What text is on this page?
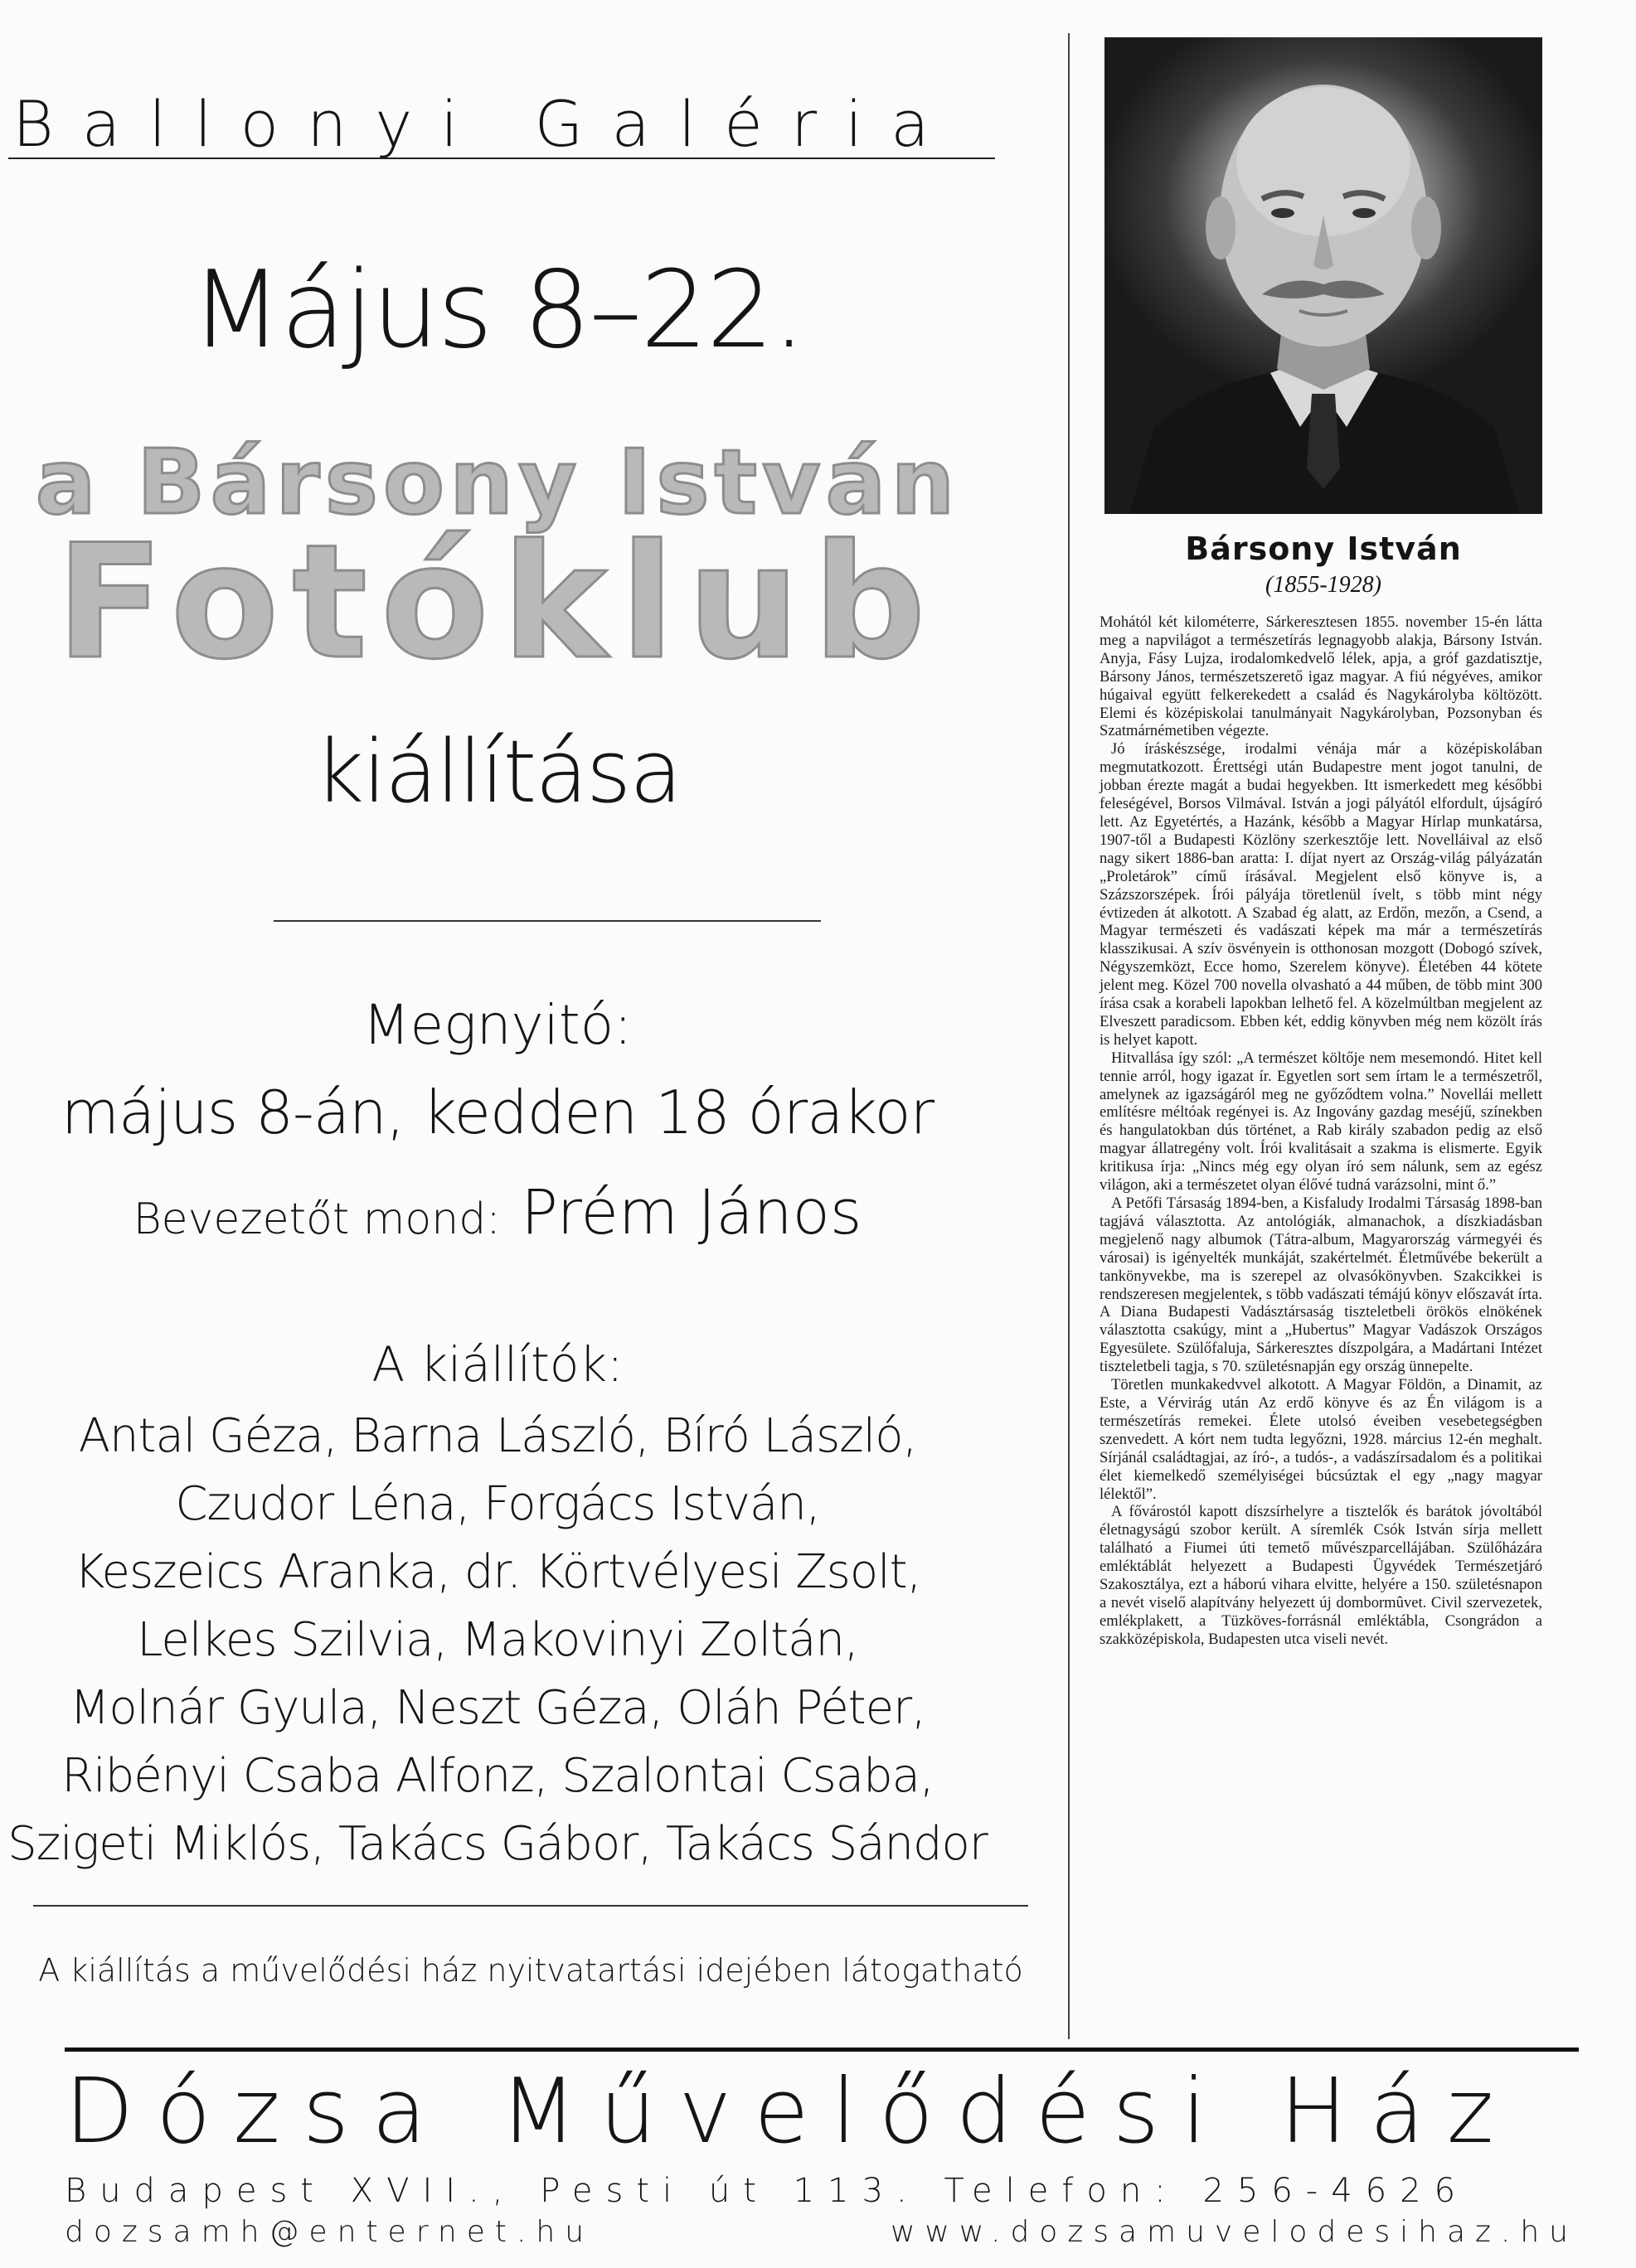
Ballonyi Galéria
Május 8–22.
a Bársony István
Fotóklub
kiállítása
Megnyitó:
május 8-án, kedden 18 órakor
Bevezetőt mond: Prém János
A kiállítók:
Antal Géza, Barna László, Bíró László,
Czudor Léna, Forgács István,
Keszeics Aranka, dr. Körtvélyesi Zsolt,
Lelkes Szilvia, Makovinyi Zoltán,
Molnár Gyula, Neszt Géza, Oláh Péter,
Ribényi Csaba Alfonz, Szalontai Csaba,
Szigeti Miklós, Takács Gábor, Takács Sándor
A kiállítás a művelődési ház nyitvatartási idejében látogatható
Bársony István
(1855-1928)

Mohától két kilométerre, Sárkeresztesen 1855. november 15-én látta meg a napvilágot a természetírás legnagyobb alakja, Bársony István. Anyja, Fásy Lujza, irodalomkedvelő lélek, apja, a gróf gazdatisztje, Bársony János, természetszerető igaz magyar. A fiú négyéves, amikor húgaival együtt felkerekedett a család és Nagykárolyba költözött. Elemi és középiskolai tanulmányait Nagykárolyban, Pozsonyban és Szatmárnémetiben végezte.

Jó íráskészsége, irodalmi vénája már a középiskolában megmutatkozott. Érettségi után Budapestre ment jogot tanulni, de jobban érezte magát a budai hegyekben. Itt ismerkedett meg későbbi feleségével, Borsos Vilmával. István a jogi pályától elfordult, újságíró lett. Az Egyetértés, a Hazánk, később a Magyar Hírlap munkatársa, 1907-től a Budapesti Közlöny szerkesztője lett. Novelláival az első nagy sikert 1886-ban aratta: I. díjat nyert az Ország-világ pályázatán „Proletárok” című írásával. Megjelent első könyve is, a Százszorszépek. Írói pályája töretlenül ívelt, s több mint négy évtizeden át alkotott. A Szabad ég alatt, az Erdőn, mezőn, a Csend, a Magyar természeti és vadászati képek ma már a természetírás klasszikusai. A szív ösvényein is otthonosan mozgott (Dobogó szívek, Négyszemközt, Ecce homo, Szerelem könyve). Életében 44 kötete jelent meg. Közel 700 novella olvasható a 44 műben, de több mint 300 írása csak a korabeli lapokban lelhető fel. A közelmúltban megjelent az Elveszett paradicsom. Ebben két, eddig könyvben még nem közölt írás is helyet kapott.

Hitvallása így szól: „A természet költője nem mesemondó. Hitet kell tennie arról, hogy igazat ír. Egyetlen sort sem írtam le a természetről, amelynek az igazságáról meg ne győződtem volna.” Novellái mellett említésre méltóak regényei is. Az Ingovány gazdag meséjű, színekben és hangulatokban dús történet, a Rab király szabadon pedig az első magyar állatregény volt. Írói kvalitásait a szakma is elismerte. Egyik kritikusa írja: „Nincs még egy olyan író sem nálunk, sem az egész világon, aki a természetet olyan élővé tudná varázsolni, mint ő.”

A Petőfi Társaság 1894-ben, a Kisfaludy Irodalmi Társaság 1898-ban tagjává választotta. Az antológiák, almanachok, a díszkiadásban megjelenő nagy albumok (Tátra-album, Magyarország vármegyéi és városai) is igényelték munkáját, szakértelmét. Életművébe bekerült a tankönyvekbe, ma is szerepel az olvasókönyvben. Szakcikkei is rendszeresen megjelentek, s több vadászati témájú könyv előszavát írta. A Diana Budapesti Vadásztársaság tiszteletbeli örökös elnökének választotta csakúgy, mint a „Hubertus” Magyar Vadászok Országos Egyesülete. Szülőfaluja, Sárkeresztes díszpolgára, a Madártani Intézet tiszteletbeli tagja, s 70. születésnapján egy ország ünnepelte.

Töretlen munkakedvvel alkotott. A Magyar Földön, a Dinamit, az Este, a Vérvirág után Az erdő könyve és az Én világom is a természetírás remekei. Élete utolsó éveiben vesebetegségben szenvedett. A kórt nem tudta legyőzni, 1928. március 12-én meghalt. Sírjánál családtagjai, az író-, a tudós-, a vadászírsadalom és a politikai élet kiemelkedő személyiségei búcsúztak el egy „nagy magyar lélektől”.

A fővárostól kapott díszsírhelyre a tisztelők és barátok jóvoltából életnagyságú szobor került. A síremlék Csók István sírja mellett található a Fiumei úti temető művészparcellájában. Szülőházára emléktáblát helyezett a Budapesti Ügyvédek Természetjáró Szakosztálya, ezt a háború vihara elvitte, helyére a 150. születésnapon a nevét viselő alapítvány helyezett új dombormûvet. Civil szervezetek, emlékplakett, a Tüzköves-forrásnál emléktábla, Csongrádon a szakközépiskola, Budapesten utca viseli nevét.

Dózsa Művelődési Ház
Budapest XVII., Pesti út 113. Telefon: 256-4626
dozsamh@enternet.hu	www.dozsamuvelodesihaz.hu
